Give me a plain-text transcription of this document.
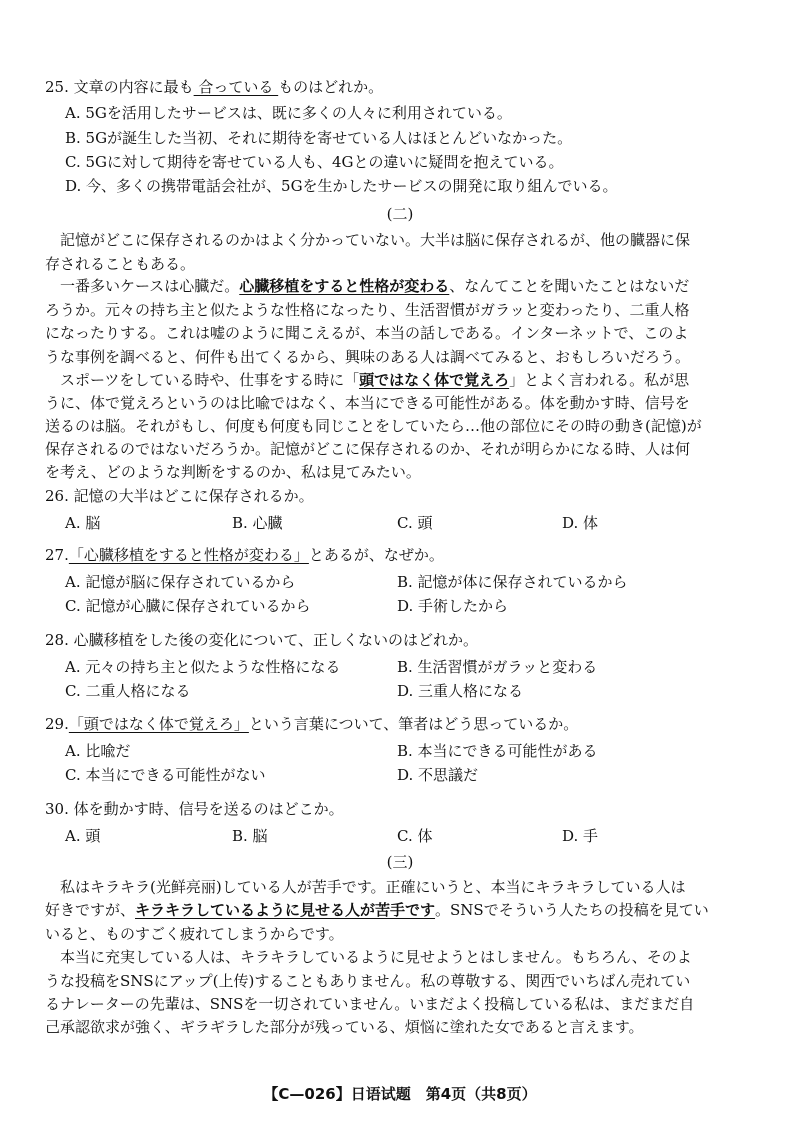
25. 文章の内容に最も 合っている ものはどれか。
A. 5Gを活用したサービスは、既に多くの人々に利用されている。
B. 5Gが誕生した当初、それに期待を寄せている人はほとんどいなかった。
C. 5Gに対して期待を寄せている人も、4Gとの違いに疑問を抱えている。
D. 今、多くの携帯電話会社が、5Gを生かしたサービスの開発に取り組んでいる。
(二)
記憶がどこに保存されるのかはよく分かっていない。大半は脳に保存されるが、他の臓器に保
存されることもある。
一番多いケースは心臓だ。心臓移植をすると性格が変わる、なんてことを聞いたことはないだ
ろうか。元々の持ち主と似たような性格になったり、生活習慣がガラッと変わったり、二重人格
になったりする。これは嘘のように聞こえるが、本当の話しである。インターネットで、このよ
うな事例を調べると、何件も出てくるから、興味のある人は調べてみると、おもしろいだろう。
スポーツをしている時や、仕事をする時に「頭ではなく体で覚えろ」とよく言われる。私が思
うに、体で覚えろというのは比喩ではなく、本当にできる可能性がある。体を動かす時、信号を
送るのは脳。それがもし、何度も何度も同じことをしていたら…他の部位にその時の動き(記憶)が
保存されるのではないだろうか。記憶がどこに保存されるのか、それが明らかになる時、人は何
を考え、どのような判断をするのか、私は見てみたい。
26. 記憶の大半はどこに保存されるか。
A. 脳	B. 心臓	C. 頭	D. 体
27.「心臓移植をすると性格が変わる」とあるが、なぜか。
A. 記憶が脳に保存されているから	B. 記憶が体に保存されているから
C. 記憶が心臓に保存されているから	D. 手術したから
28. 心臓移植をした後の変化について、正しくないのはどれか。
A. 元々の持ち主と似たような性格になる	B. 生活習慣がガラッと変わる
C. 二重人格になる	D. 三重人格になる
29.「頭ではなく体で覚えろ」という言葉について、筆者はどう思っているか。
A. 比喩だ	B. 本当にできる可能性がある
C. 本当にできる可能性がない	D. 不思議だ
30. 体を動かす時、信号を送るのはどこか。
A. 頭	B. 脳	C. 体	D. 手
(三)
私はキラキラ(光鲜亮丽)している人が苦手です。正確にいうと、本当にキラキラしている人は
好きですが、キラキラしているように見せる人が苦手です。SNSでそういう人たちの投稿を見てい
いると、ものすごく疲れてしまうからです。
本当に充実している人は、キラキラしているように見せようとはしません。もちろん、そのよ
うな投稿をSNSにアップ(上传)することもありません。私の尊敬する、関西でいちばん売れてい
るナレーターの先輩は、SNSを一切されていません。いまだよく投稿している私は、まだまだ自
己承認欲求が強く、ギラギラした部分が残っている、煩悩に塗れた女であると言えます。
【C—026】日语试题　第4页（共8页）
